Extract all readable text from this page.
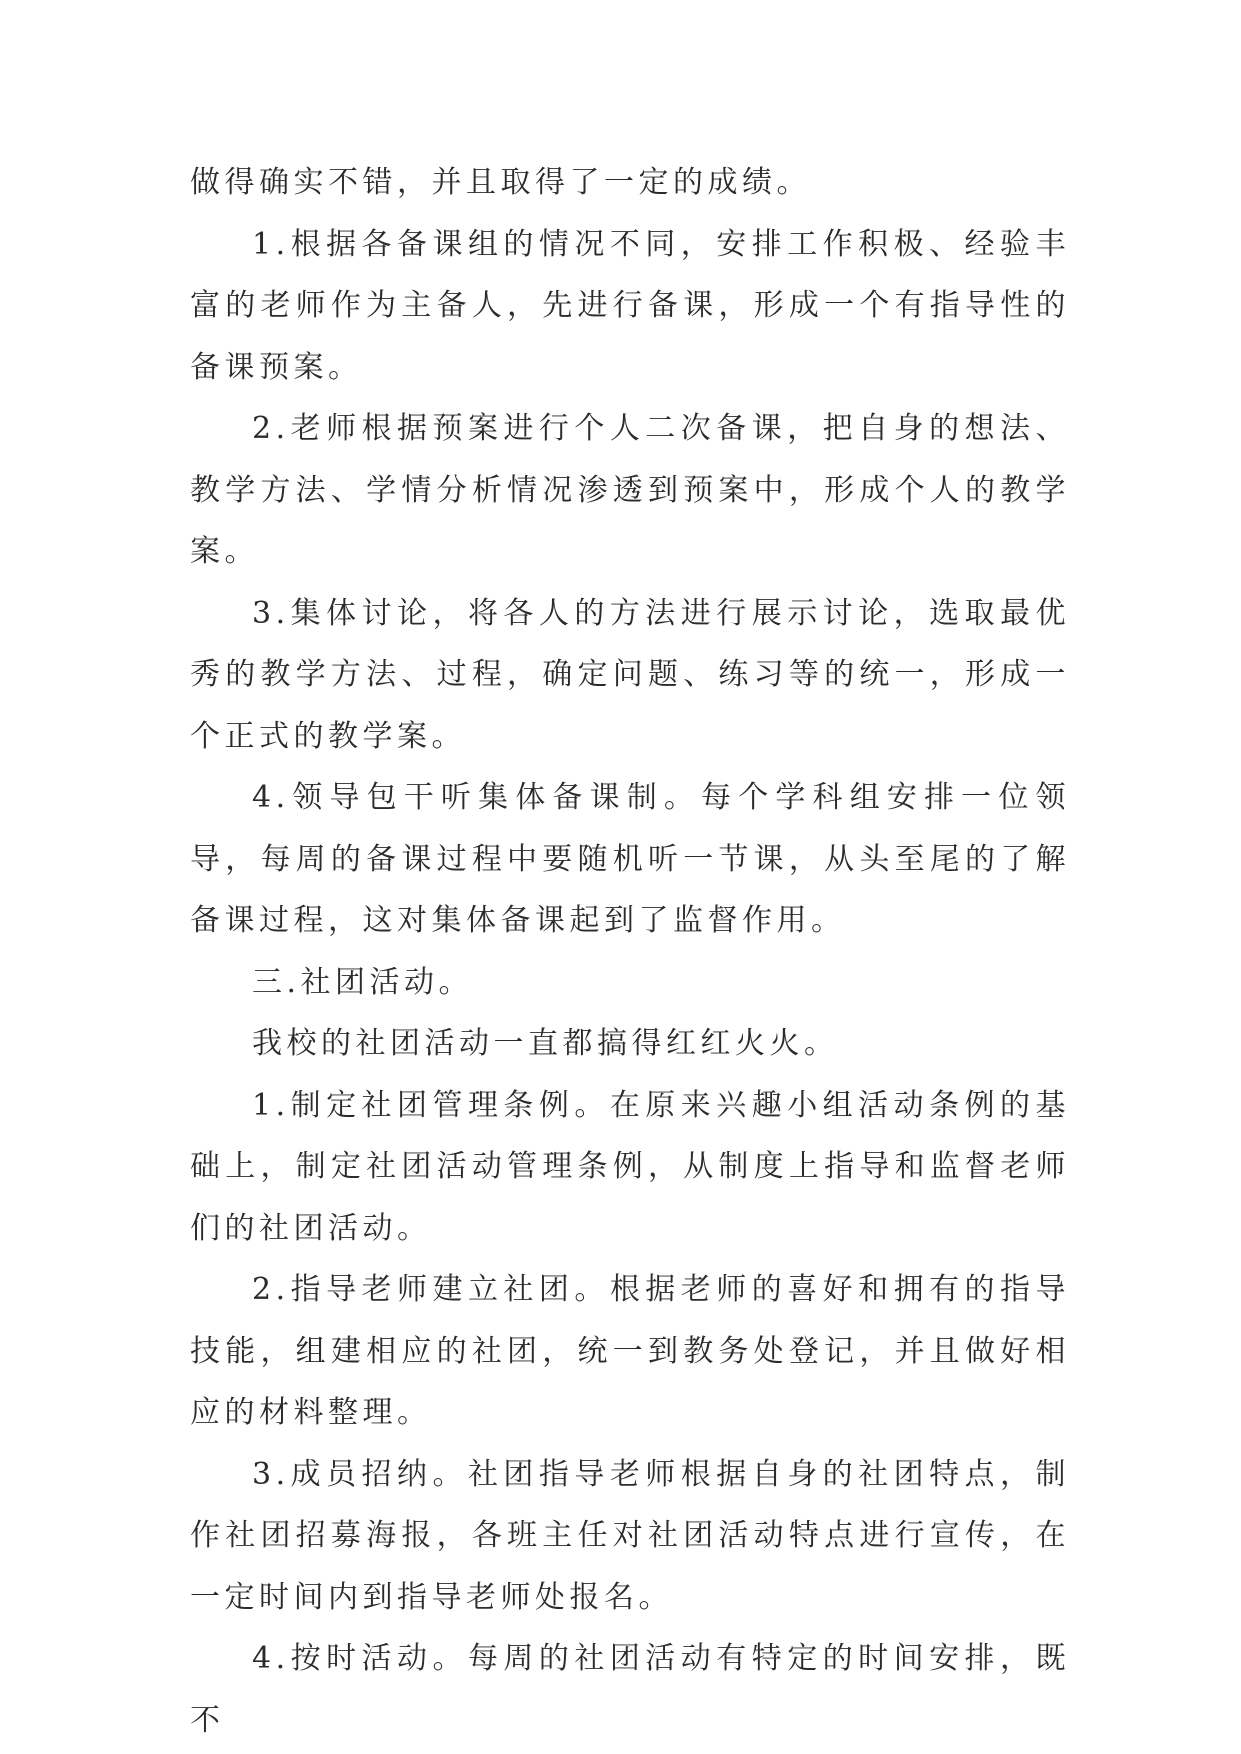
做得确实不错，并且取得了一定的成绩。

1.根据各备课组的情况不同，安排工作积极、经验丰富的老师作为主备人，先进行备课，形成一个有指导性的备课预案。

2.老师根据预案进行个人二次备课，把自身的想法、教学方法、学情分析情况渗透到预案中，形成个人的教学案。

3.集体讨论，将各人的方法进行展示讨论，选取最优秀的教学方法、过程，确定问题、练习等的统一，形成一个正式的教学案。

4.领导包干听集体备课制。每个学科组安排一位领导，每周的备课过程中要随机听一节课，从头至尾的了解备课过程，这对集体备课起到了监督作用。

三.社团活动。

我校的社团活动一直都搞得红红火火。

1.制定社团管理条例。在原来兴趣小组活动条例的基础上，制定社团活动管理条例，从制度上指导和监督老师们的社团活动。

2.指导老师建立社团。根据老师的喜好和拥有的指导技能，组建相应的社团，统一到教务处登记，并且做好相应的材料整理。

3.成员招纳。社团指导老师根据自身的社团特点，制作社团招募海报，各班主任对社团活动特点进行宣传，在一定时间内到指导老师处报名。

4.按时活动。每周的社团活动有特定的时间安排，既不
